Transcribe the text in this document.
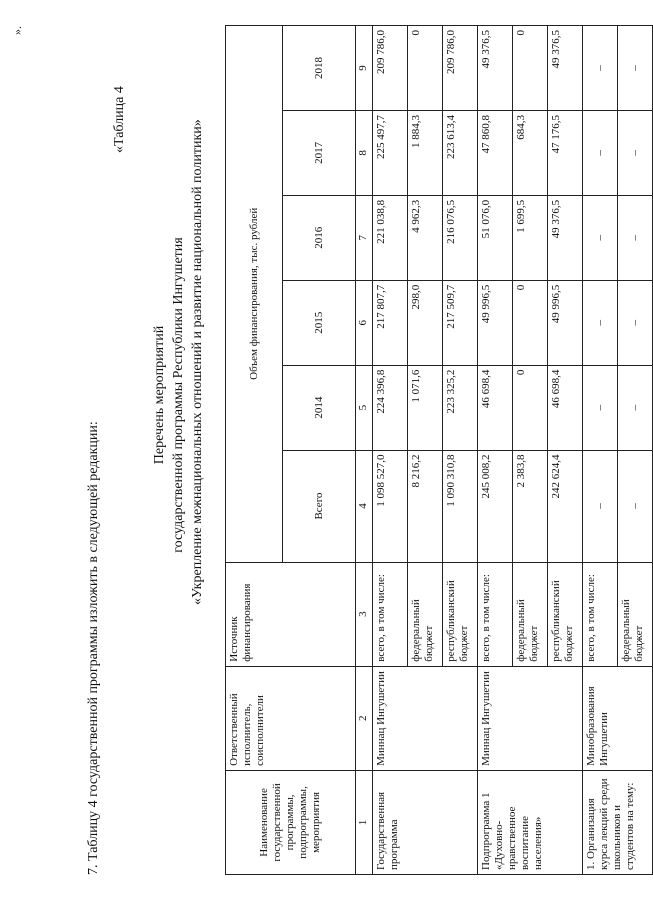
».
7. Таблицу 4 государственной программы изложить в следующей редакции:
«Таблица 4
Перечень мероприятий государственной программы Республики Ингушетия «Укрепление межнациональных отношений и развитие национальной политики»
Наименование государственной программы, подпрограммы, мероприятия	Ответственный исполнитель, соисполнители	Источник финансирования	Объем финансирования, тыс. рублей					
			Всего	2014	2015	2016	2017	2018
1	2	3	4	5	6	7	8	9
Государственная программа	Миннац Ингушетии	всего, в том числе:	1 098 527,0	224 396,8	217 807,7	221 038,8	225 497,7	209 786,0
		федеральный бюджет	8 216,2	1 071,6	298,0	4 962,3	1 884,3	0
		республиканский бюджет	1 090 310,8	223 325,2	217 509,7	216 076,5	223 613,4	209 786,0
Подпрограмма 1 «Духовно-нравственное воспитание населения»	Миннац Ингушетии	всего, в том числе:	245 008,2	46 698,4	49 996,5	51 076,0	47 860,8	49 376,5
		федеральный бюджет	2 383,8	0	0	1 699,5	684,3	0
		республиканский бюджет	242 624,4	46 698,4	49 996,5	49 376,5	47 176,5	49 376,5
1. Организация курса лекций среди школьников и студентов на тему:	Минобразования Ингушетии	всего, в том числе:	–	–	–	–	–	–
		федеральный бюджет	–	–	–	–	–	–
